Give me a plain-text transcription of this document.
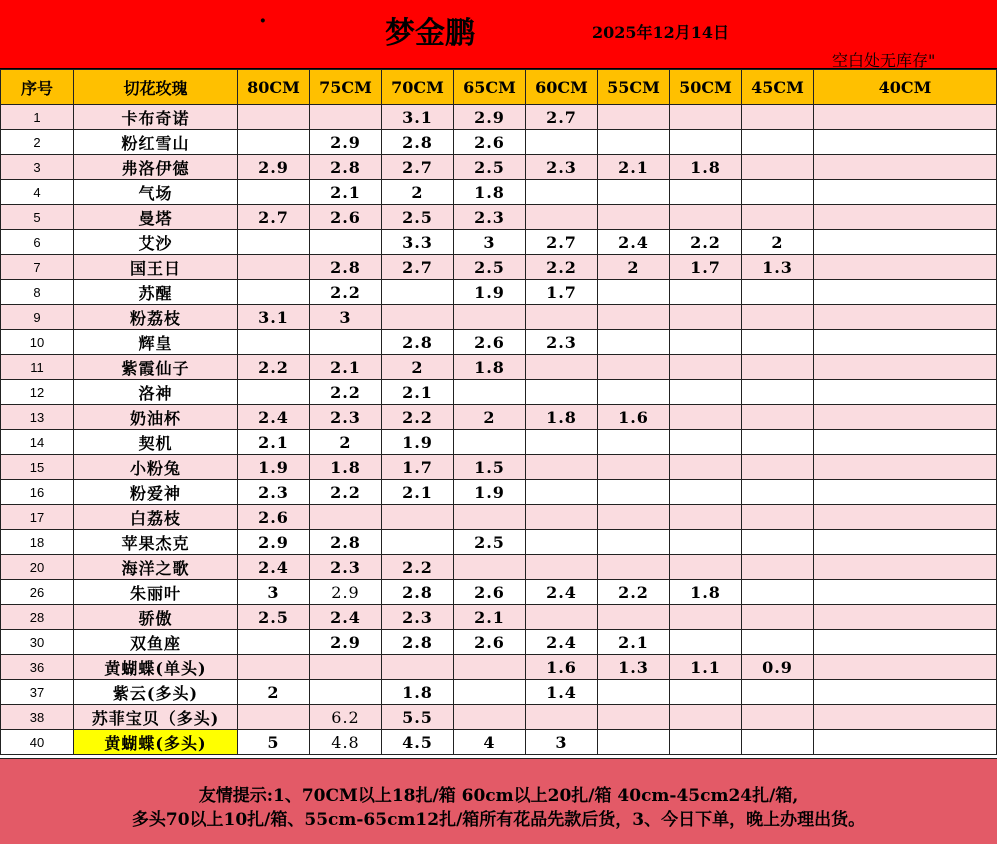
·	梦金鹏	2025年12月14日
空白处无库存"
序号	切花玫瑰	80CM	75CM	70CM	65CM	60CM	55CM	50CM	45CM	40CM
1	卡布奇诺			3.1	2.9	2.7				
2	粉红雪山		2.9	2.8	2.6					
3	弗洛伊德	2.9	2.8	2.7	2.5	2.3	2.1	1.8		
4	气场		2.1	2	1.8					
5	曼塔	2.7	2.6	2.5	2.3					
6	艾沙			3.3	3	2.7	2.4	2.2	2	
7	国王日		2.8	2.7	2.5	2.2	2	1.7	1.3	
8	苏醒		2.2		1.9	1.7				
9	粉荔枝	3.1	3							
10	辉皇			2.8	2.6	2.3				
11	紫霞仙子	2.2	2.1	2	1.8					
12	洛神		2.2	2.1						
13	奶油杯	2.4	2.3	2.2	2	1.8	1.6			
14	契机	2.1	2	1.9						
15	小粉兔	1.9	1.8	1.7	1.5					
16	粉爱神	2.3	2.2	2.1	1.9					
17	白荔枝	2.6								
18	苹果杰克	2.9	2.8		2.5					
20	海洋之歌	2.4	2.3	2.2						
26	朱丽叶	3	2.9	2.8	2.6	2.4	2.2	1.8		
28	骄傲	2.5	2.4	2.3	2.1					
30	双鱼座		2.9	2.8	2.6	2.4	2.1			
36	黄蝴蝶(单头)					1.6	1.3	1.1	0.9	
37	紫云(多头)	2		1.8		1.4				
38	苏菲宝贝（多头)		6.2	5.5						
40	黄蝴蝶(多头)	5	4.8	4.5	4	3				
友情提示:1、70CM以上18扎/箱 60cm以上20扎/箱 40cm-45cm24扎/箱,
多头70以上10扎/箱、55cm-65cm12扎/箱所有花品先款后货，3、今日下单，晚上办理出货。
